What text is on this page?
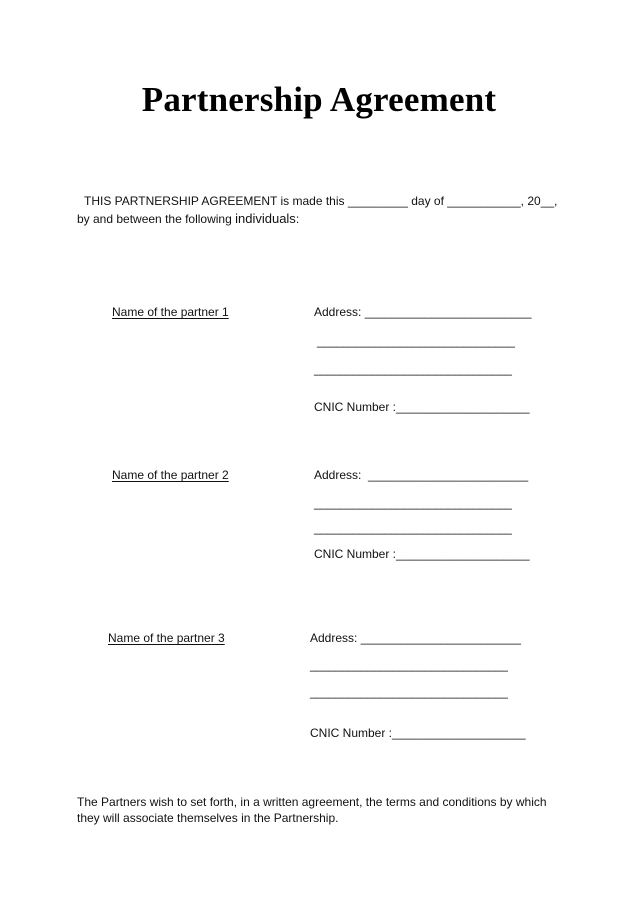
Partnership Agreement
THIS PARTNERSHIP AGREEMENT is made this _________ day of ___________, 20__,
by and between the following individuals:
Name of the partner 1	Address: _________________________
_______________________________
_______________________________
CNIC Number :____________________
Name of the partner 2	Address:  ________________________
_______________________________
_______________________________
CNIC Number :____________________
Name of the partner 3	Address: ________________________
_______________________________
_______________________________
CNIC Number :____________________
The Partners wish to set forth, in a written agreement, the terms and conditions by which they will associate themselves in the Partnership.
